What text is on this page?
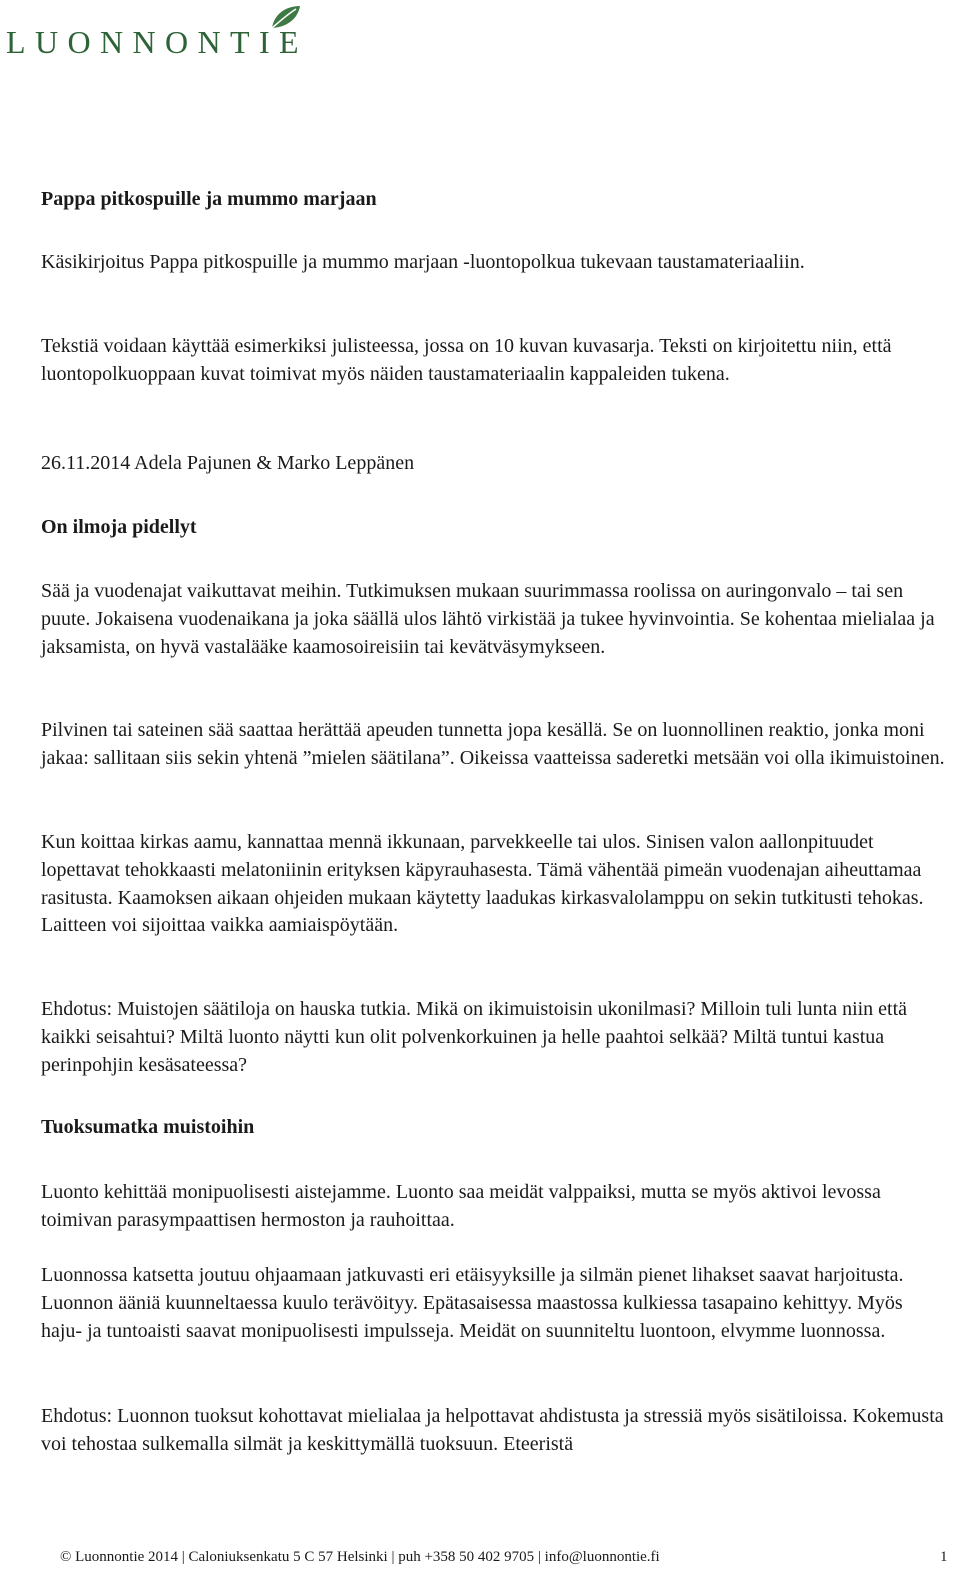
LUONNONTIE
Pappa pitkospuille ja mummo marjaan

Käsikirjoitus Pappa pitkospuille ja mummo marjaan -luontopolkua tukevaan taustamateriaaliin.

Tekstiä voidaan käyttää esimerkiksi julisteessa, jossa on 10 kuvan kuvasarja. Teksti on kirjoitettu niin, että luontopolkuoppaan kuvat toimivat myös näiden taustamateriaalin kappaleiden tukena.

26.11.2014 Adela Pajunen & Marko Leppänen

On ilmoja pidellyt

Sää ja vuodenajat vaikuttavat meihin. Tutkimuksen mukaan suurimmassa roolissa on auringonvalo – tai sen puute. Jokaisena vuodenaikana ja joka säällä ulos lähtö virkistää ja tukee hyvinvointia. Se kohentaa mielialaa ja jaksamista, on hyvä vastalääke kaamosoireisiin tai kevätväsymykseen.

Pilvinen tai sateinen sää saattaa herättää apeuden tunnetta jopa kesällä. Se on luonnollinen reaktio, jonka moni jakaa: sallitaan siis sekin yhtenä ”mielen säätilana”. Oikeissa vaatteissa saderetki metsään voi olla ikimuistoinen.

Kun koittaa kirkas aamu, kannattaa mennä ikkunaan, parvekkeelle tai ulos. Sinisen valon aallonpituudet lopettavat tehokkaasti melatoniinin erityksen käpyrauhasesta. Tämä vähentää pimeän vuodenajan aiheuttamaa rasitusta. Kaamoksen aikaan ohjeiden mukaan käytetty laadukas kirkasvalolamppu on sekin tutkitusti tehokas. Laitteen voi sijoittaa vaikka aamiaispöytään.

Ehdotus: Muistojen säätiloja on hauska tutkia. Mikä on ikimuistoisin ukonilmasi? Milloin tuli lunta niin että kaikki seisahtui? Miltä luonto näytti kun olit polvenkorkuinen ja helle paahtoi selkää? Miltä tuntui kastua perinpohjin kesäsateessa?

Tuoksumatka muistoihin

Luonto kehittää monipuolisesti aistejamme. Luonto saa meidät valppaiksi, mutta se myös aktivoi levossa toimivan parasympaattisen hermoston ja rauhoittaa.

Luonnossa katsetta joutuu ohjaamaan jatkuvasti eri etäisyyksille ja silmän pienet lihakset saavat harjoitusta. Luonnon ääniä kuunneltaessa kuulo terävöityy. Epätasaisessa maastossa kulkiessa tasapaino kehittyy. Myös haju- ja tuntoaisti saavat monipuolisesti impulsseja. Meidät on suunniteltu luontoon, elvymme luonnossa.

Ehdotus: Luonnon tuoksut kohottavat mielialaa ja helpottavat ahdistusta ja stressiä myös sisätiloissa. Kokemusta voi tehostaa sulkemalla silmät ja keskittymällä tuoksuun. Eteeristä

© Luonnontie 2014 | Caloniuksenkatu 5 C 57 Helsinki | puh +358 50 402 9705 | info@luonnontie.fi	1
